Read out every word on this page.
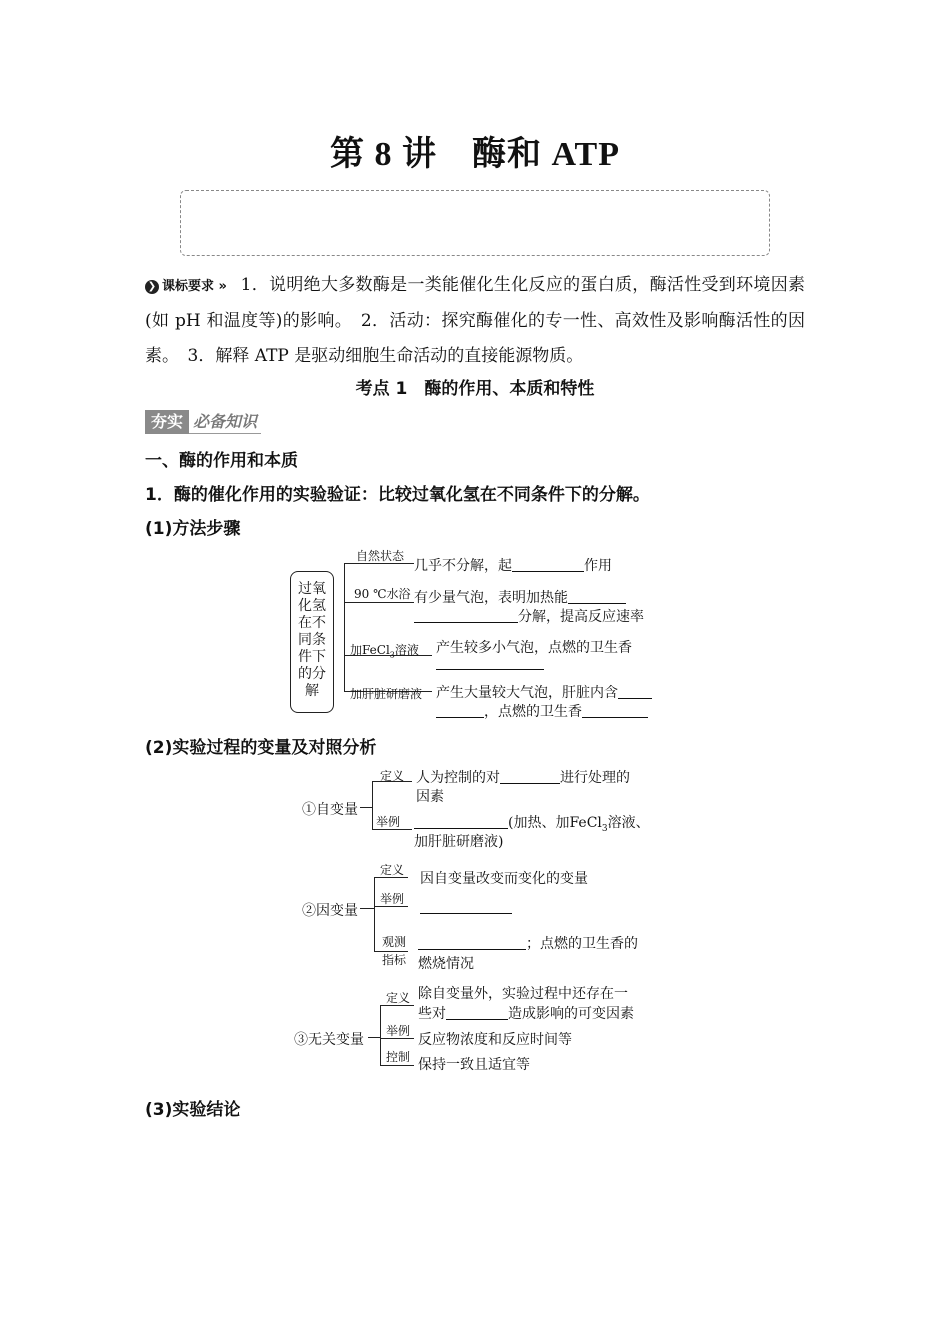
第 8 讲　酶和 ATP
❯ 课标要求 » 1．说明绝大多数酶是一类能催化生化反应的蛋白质，酶活性受到环境因素(如 pH 和温度等)的影响。　2．活动：探究酶催化的专一性、高效性及影响酶活性的因素。　3．解释 ATP 是驱动细胞生命活动的直接能源物质。
考点 1　酶的作用、本质和特性
夯实 必备知识
一、酶的作用和本质
1．酶的催化作用的实验验证：比较过氧化氢在不同条件下的分解。
(1)方法步骤
过氧
化氢
在不
同条
件下
的分
解
自然状态
几乎不分解，起	作用
90 ℃水浴 有少量气泡，表明加热能
分解，提高反应速率
加FeCl$_3$溶液 产生较多小气泡，点燃的卫生香
加肝脏研磨液 产生大量较大气泡，肝脏内含
，点燃的卫生香
(2)实验过程的变量及对照分析
①自变量
定义
举例
人为控制的对	进行处理的
因素
(加热、加FeCl$_3$溶液、
加肝脏研磨液)
②因变量
定义
举例
观测
指标
因自变量改变而变化的变量
；点燃的卫生香的
燃烧情况
③无关变量
定义
举例
控制
除自变量外，实验过程中还存在一
些对	造成影响的可变因素
反应物浓度和反应时间等
保持一致且适宜等
(3)实验结论
